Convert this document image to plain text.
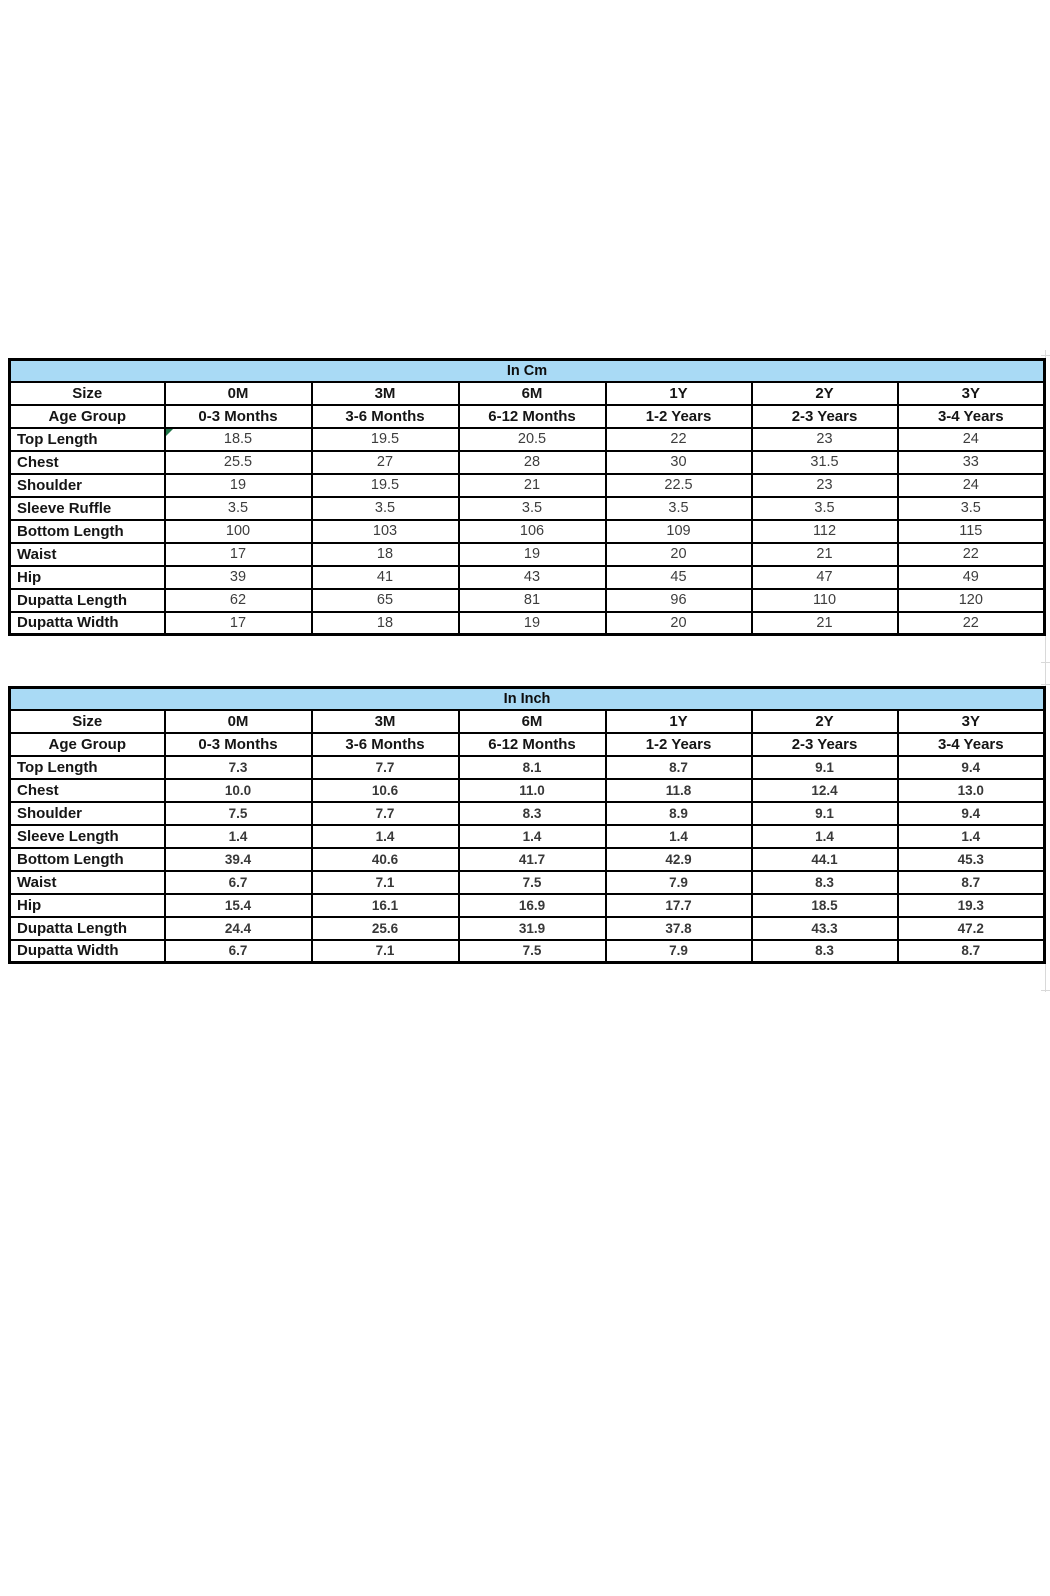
In Cm						
Size	0M	3M	6M	1Y	2Y	3Y
Age Group	0-3 Months	3-6 Months	6-12 Months	1-2 Years	2-3 Years	3-4 Years
Top Length	18.5	19.5	20.5	22	23	24
Chest	25.5	27	28	30	31.5	33
Shoulder	19	19.5	21	22.5	23	24
Sleeve Ruffle	3.5	3.5	3.5	3.5	3.5	3.5
Bottom Length	100	103	106	109	112	115
Waist	17	18	19	20	21	22
Hip	39	41	43	45	47	49
Dupatta Length	62	65	81	96	110	120
Dupatta Width	17	18	19	20	21	22
In Inch						
Size	0M	3M	6M	1Y	2Y	3Y
Age Group	0-3 Months	3-6 Months	6-12 Months	1-2 Years	2-3 Years	3-4 Years
Top Length	7.3	7.7	8.1	8.7	9.1	9.4
Chest	10.0	10.6	11.0	11.8	12.4	13.0
Shoulder	7.5	7.7	8.3	8.9	9.1	9.4
Sleeve Length	1.4	1.4	1.4	1.4	1.4	1.4
Bottom Length	39.4	40.6	41.7	42.9	44.1	45.3
Waist	6.7	7.1	7.5	7.9	8.3	8.7
Hip	15.4	16.1	16.9	17.7	18.5	19.3
Dupatta Length	24.4	25.6	31.9	37.8	43.3	47.2
Dupatta Width	6.7	7.1	7.5	7.9	8.3	8.7
